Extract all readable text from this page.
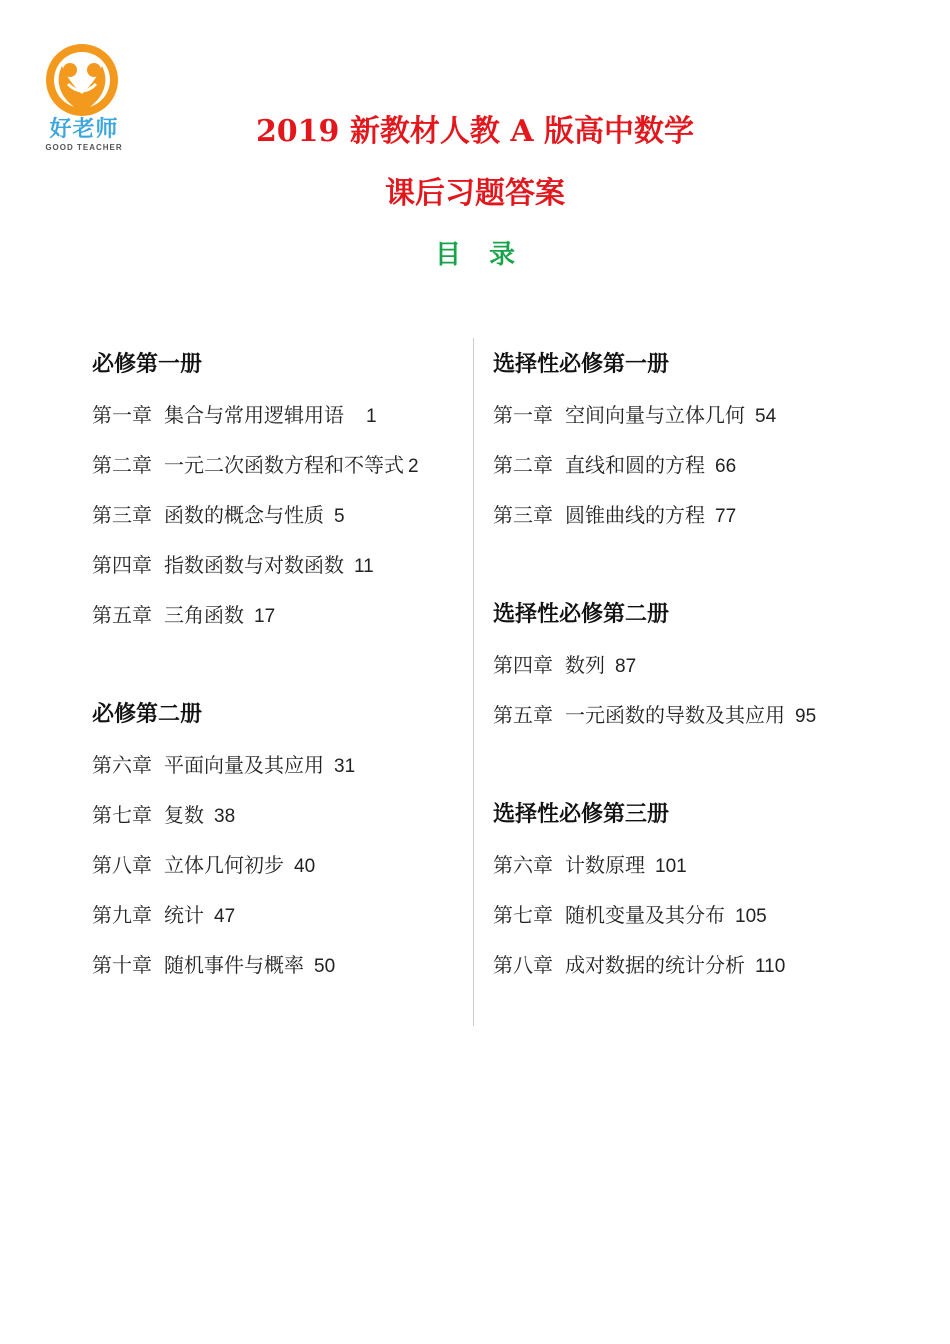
好老师
GOOD TEACHER	2019 新教材人教 A 版高中数学
课后习题答案
目录
必修第一册
第一章 集合与常用逻辑用语 1
第二章 一元二次函数方程和不等式 2
第三章 函数的概念与性质 5
第四章 指数函数与对数函数 11
第五章 三角函数 17
必修第二册
第六章 平面向量及其应用 31
第七章 复数 38
第八章 立体几何初步 40
第九章 统计 47
第十章 随机事件与概率 50
选择性必修第一册
第一章 空间向量与立体几何 54
第二章 直线和圆的方程 66
第三章 圆锥曲线的方程 77
选择性必修第二册
第四章 数列 87
第五章 一元函数的导数及其应用 95
选择性必修第三册
第六章 计数原理 101
第七章 随机变量及其分布 105
第八章 成对数据的统计分析 110
